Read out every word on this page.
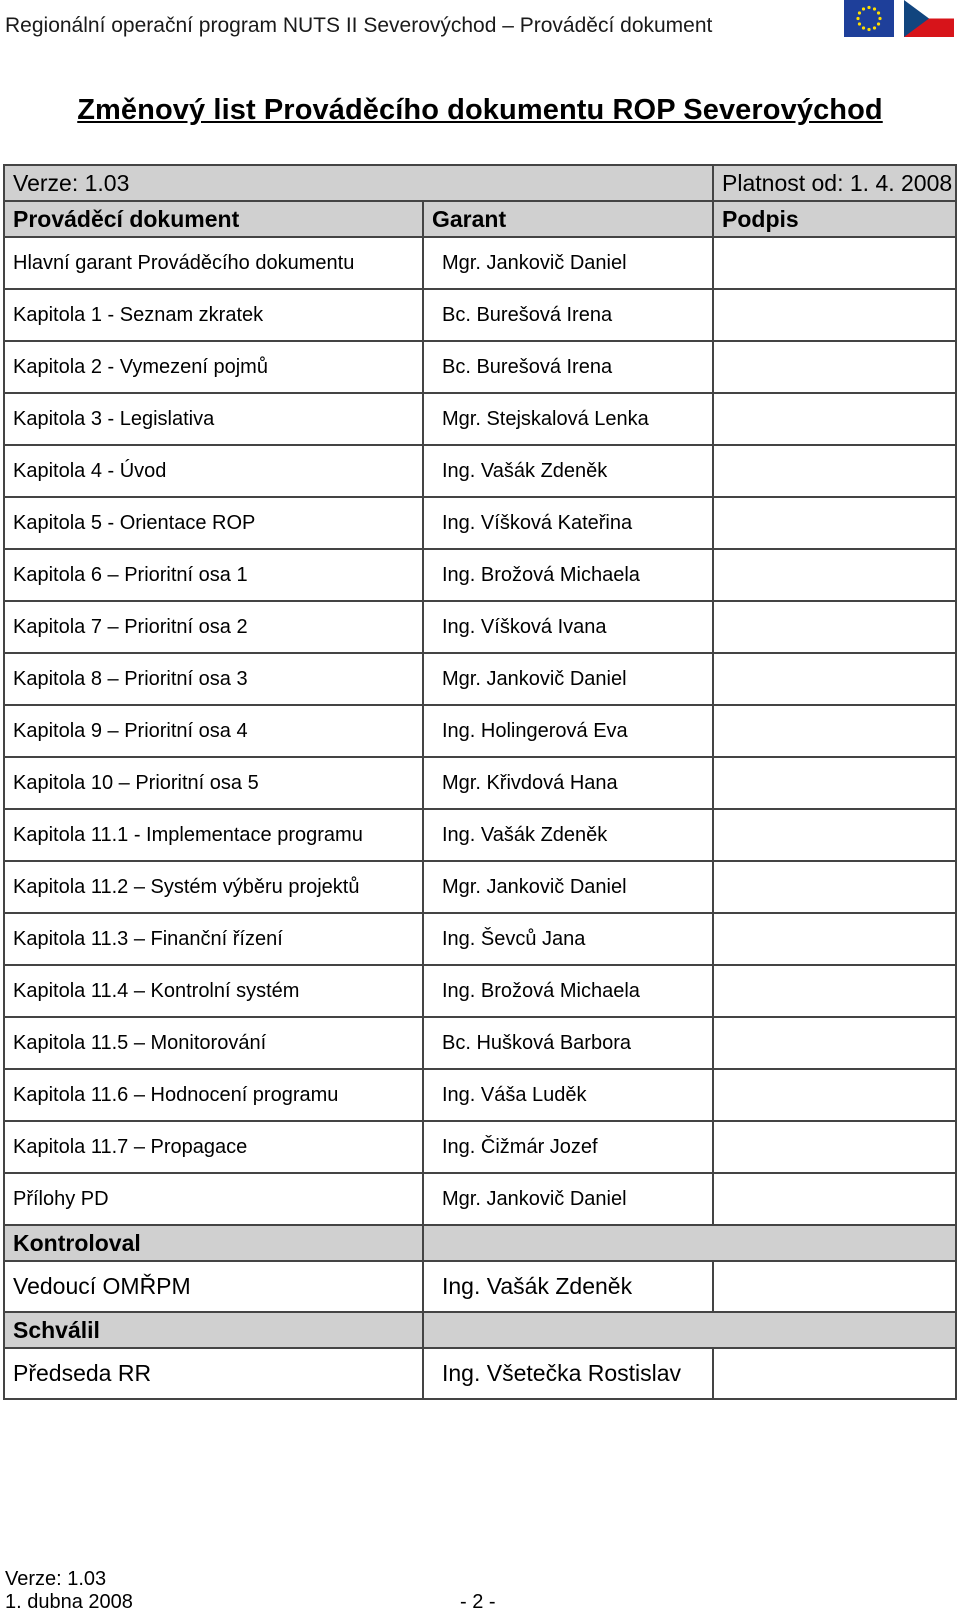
Regionální operační program NUTS II Severovýchod – Prováděcí dokument
Změnový list Prováděcího dokumentu ROP Severovýchod
Verze: 1.03		Platnost od: 1. 4. 2008
Prováděcí dokument	Garant	Podpis
Hlavní garant Prováděcího dokumentu	Mgr. Jankovič Daniel	
Kapitola 1 - Seznam zkratek	Bc. Burešová Irena	
Kapitola 2 - Vymezení pojmů	Bc. Burešová Irena	
Kapitola 3 - Legislativa	Mgr. Stejskalová Lenka	
Kapitola 4 - Úvod	Ing. Vašák Zdeněk	
Kapitola 5 - Orientace ROP	Ing. Víšková Kateřina	
Kapitola 6 – Prioritní osa 1	Ing. Brožová Michaela	
Kapitola 7 – Prioritní osa 2	Ing. Víšková Ivana	
Kapitola 8 – Prioritní osa 3	Mgr. Jankovič Daniel	
Kapitola 9 – Prioritní osa 4	Ing. Holingerová Eva	
Kapitola 10 – Prioritní osa 5	Mgr. Křivdová Hana	
Kapitola 11.1 - Implementace programu	Ing. Vašák Zdeněk	
Kapitola 11.2 – Systém výběru projektů	Mgr. Jankovič Daniel	
Kapitola 11.3 – Finanční řízení	Ing. Ševců Jana	
Kapitola 11.4 – Kontrolní systém	Ing. Brožová Michaela	
Kapitola 11.5 – Monitorování	Bc. Hušková Barbora	
Kapitola 11.6 – Hodnocení programu	Ing. Váša Luděk	
Kapitola 11.7 – Propagace	Ing. Čižmár Jozef	
Přílohy PD	Mgr. Jankovič Daniel	
Kontroloval		
Vedoucí OMŘPM	Ing. Vašák Zdeněk	
Schválil		
Předseda RR	Ing. Všetečka Rostislav	
Verze: 1.03
1. dubna 2008	- 2 -
